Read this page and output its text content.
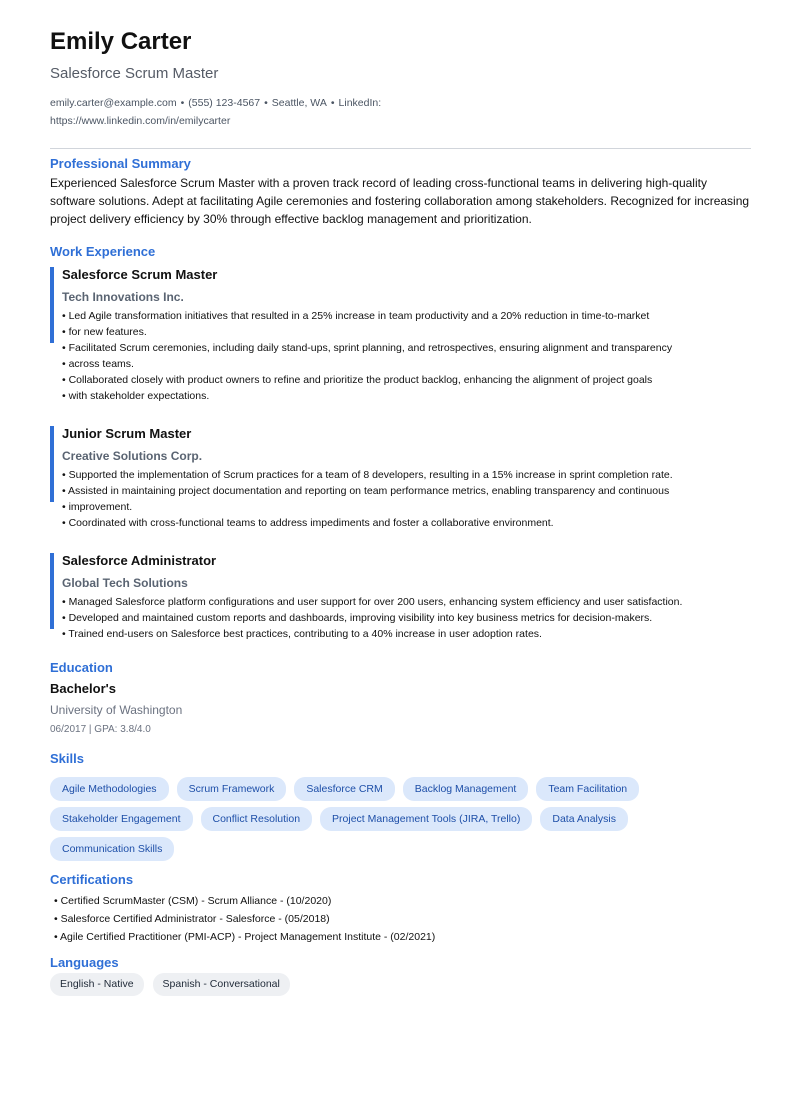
Emily Carter
Salesforce Scrum Master
emily.carter@example.com • (555) 123-4567 • Seattle, WA • LinkedIn: https://www.linkedin.com/in/emilycarter
Professional Summary
Experienced Salesforce Scrum Master with a proven track record of leading cross-functional teams in delivering high-quality software solutions. Adept at facilitating Agile ceremonies and fostering collaboration among stakeholders. Recognized for increasing project delivery efficiency by 30% through effective backlog management and prioritization.
Work Experience
Salesforce Scrum Master
Tech Innovations Inc.
• Led Agile transformation initiatives that resulted in a 25% increase in team productivity and a 20% reduction in time-to-market
• for new features.
• Facilitated Scrum ceremonies, including daily stand-ups, sprint planning, and retrospectives, ensuring alignment and transparency
• across teams.
• Collaborated closely with product owners to refine and prioritize the product backlog, enhancing the alignment of project goals
• with stakeholder expectations.
Junior Scrum Master
Creative Solutions Corp.
• Supported the implementation of Scrum practices for a team of 8 developers, resulting in a 15% increase in sprint completion rate.
• Assisted in maintaining project documentation and reporting on team performance metrics, enabling transparency and continuous
• improvement.
• Coordinated with cross-functional teams to address impediments and foster a collaborative environment.
Salesforce Administrator
Global Tech Solutions
• Managed Salesforce platform configurations and user support for over 200 users, enhancing system efficiency and user satisfaction.
• Developed and maintained custom reports and dashboards, improving visibility into key business metrics for decision-makers.
• Trained end-users on Salesforce best practices, contributing to a 40% increase in user adoption rates.
Education
Bachelor's
University of Washington
06/2017 | GPA: 3.8/4.0
Skills
Agile Methodologies	Scrum Framework	Salesforce CRM	Backlog Management	Team Facilitation
Stakeholder Engagement	Conflict Resolution	Project Management Tools (JIRA, Trello)	Data Analysis
Communication Skills
Certifications
• Certified ScrumMaster (CSM) - Scrum Alliance - (10/2020)
• Salesforce Certified Administrator - Salesforce - (05/2018)
• Agile Certified Practitioner (PMI-ACP) - Project Management Institute - (02/2021)
Languages
English - Native	Spanish - Conversational
